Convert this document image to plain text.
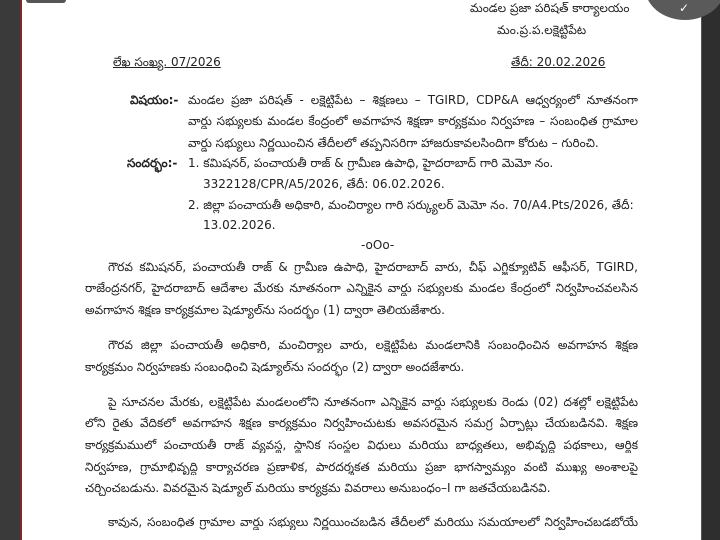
✓
మండల ప్రజా పరిషత్ కార్యాలయం
మం.ప్ర.ప.లక్షెట్టిపేట
లేఖ సంఖ్య. 07/2026	తేదీ: 20.02.2026
విషయం:- మండల ప్రజా పరిషత్ - లక్షెట్టిపేట – శిక్షణలు – TGIRD, CDP&A ఆధ్వర్యంలో నూతనంగా
వార్డు సభ్యులకు మండల కేంద్రంలో అవగాహన శిక్షణా కార్యక్రమం నిర్వహణ – సంబంధిత గ్రామాల
వార్డు సభ్యులు నిర్ణయించిన తేదీలలో తప్పనిసరిగా హాజరుకావలసిందిగా కోరుట – గురించి.
సందర్భం:- 1. కమిషనర్, పంచాయతీ రాజ్ & గ్రామీణ ఉపాధి, హైదరాబాద్ గారి మెమో నం.
3322128/CPR/A5/2026, తేదీ: 06.02.2026.
2. జిల్లా పంచాయతీ అధికారి, మంచిర్యాల గారి సర్క్యులర్ మెమో నం. 70/A4.Pts/2026, తేదీ:
13.02.2026.
-oOo-
గౌరవ కమిషనర్, పంచాయతీ రాజ్ & గ్రామీణ ఉపాధి, హైదరాబాద్ వారు, చీఫ్ ఎగ్జిక్యూటివ్ ఆఫీసర్, TGIRD,
రాజేంద్రనగర్, హైదరాబాద్ ఆదేశాల మేరకు నూతనంగా ఎన్నికైన వార్డు సభ్యులకు మండల కేంద్రంలో నిర్వహించవలసిన
అవగాహన శిక్షణ కార్యక్రమాల షెడ్యూల్‌ను సందర్భం (1) ద్వారా తెలియజేశారు.
గౌరవ జిల్లా పంచాయతీ అధికారి, మంచిర్యాల వారు, లక్షెట్టిపేట మండలానికి సంబంధించిన అవగాహన శిక్షణ
కార్యక్రమం నిర్వహణకు సంబంధించి షెడ్యూల్‌ను సందర్భం (2) ద్వారా అందజేశారు.
పై సూచనల మేరకు, లక్షెట్టిపేట మండలంలోని నూతనంగా ఎన్నికైన వార్డు సభ్యులకు రెండు (02) దశల్లో లక్షెట్టిపేట
లోని రైతు వేదికలో అవగాహన శిక్షణ కార్యక్రమం నిర్వహించుటకు అవసరమైన సమగ్ర ఏర్పాట్లు చేయబడినవి. శిక్షణ
కార్యక్రమములో పంచాయతీ రాజ్ వ్యవస్థ, స్థానిక సంస్థల విధులు మరియు బాధ్యతలు, అభివృద్ధి పథకాలు, ఆర్థిక
నిర్వహణ, గ్రామాభివృద్ధి కార్యాచరణ ప్రణాళిక, పారదర్శకత మరియు ప్రజా భాగస్వామ్యం వంటి ముఖ్య అంశాలపై
చర్చించబడును. వివరమైన షెడ్యూల్ మరియు కార్యక్రమ వివరాలు అనుబంధం–I గా జతచేయబడినవి.
కావున, సంబంధిత గ్రామాల వార్డు సభ్యులు నిర్ణయించబడిన తేదీలలో మరియు సమయాలలో నిర్వహించబడబోయే
